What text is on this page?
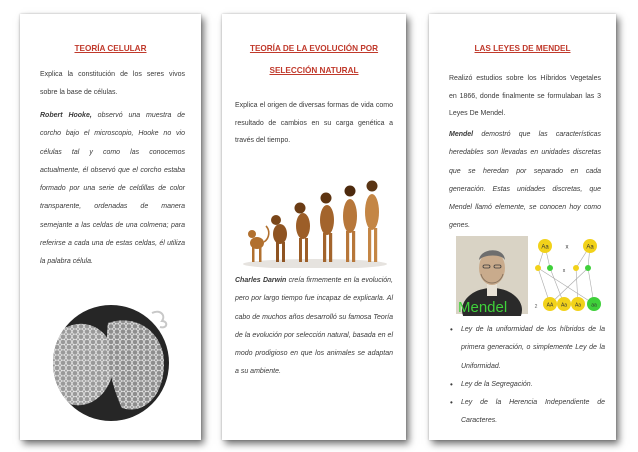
TEORÍA CELULAR
Explica la constitución de los seres vivos sobre la base de células.
Robert Hooke, observó una muestra de corcho bajo el microscopio, Hooke no vio células tal y como las conocemos actualmente, él observó que el corcho estaba formado por una serie de celdillas de color transparente, ordenadas de manera semejante a las celdas de una colmena; para referirse a cada una de estas celdas, él utiliza la palabra célula.
TEORÍA DE LA EVOLUCIÓN POR
SELECCIÓN NATURAL
Explica el origen de diversas formas de vida como resultado de cambios en su carga genética a través del tiempo.
Charles Darwin creía firmemente en la evolución, pero por largo tiempo fue incapaz de explicarla. Al cabo de muchos años desarrolló su famosa Teoría de la evolución por selección natural, basada en el modo prodigioso en que los animales se adaptan a su ambiente.
LAS LEYES DE MENDEL
Realizó estudios sobre los Híbridos Vegetales en 1866, donde finalmente se formulaban las 3 Leyes De Mendel.
Mendel demostró que las características heredables son llevadas en unidades discretas que se heredan por separado en cada generación. Estas unidades discretas, que Mendel llamó elemente, se conocen hoy como genes.
Aa	x	Aa
x
AA Aa Aa aa
2
Mendel
• Ley de la uniformidad de los híbridos de la primera generación, o simplemente Ley de la Uniformidad.
• Ley de la Segregación.
• Ley de la Herencia Independiente de Caracteres.
